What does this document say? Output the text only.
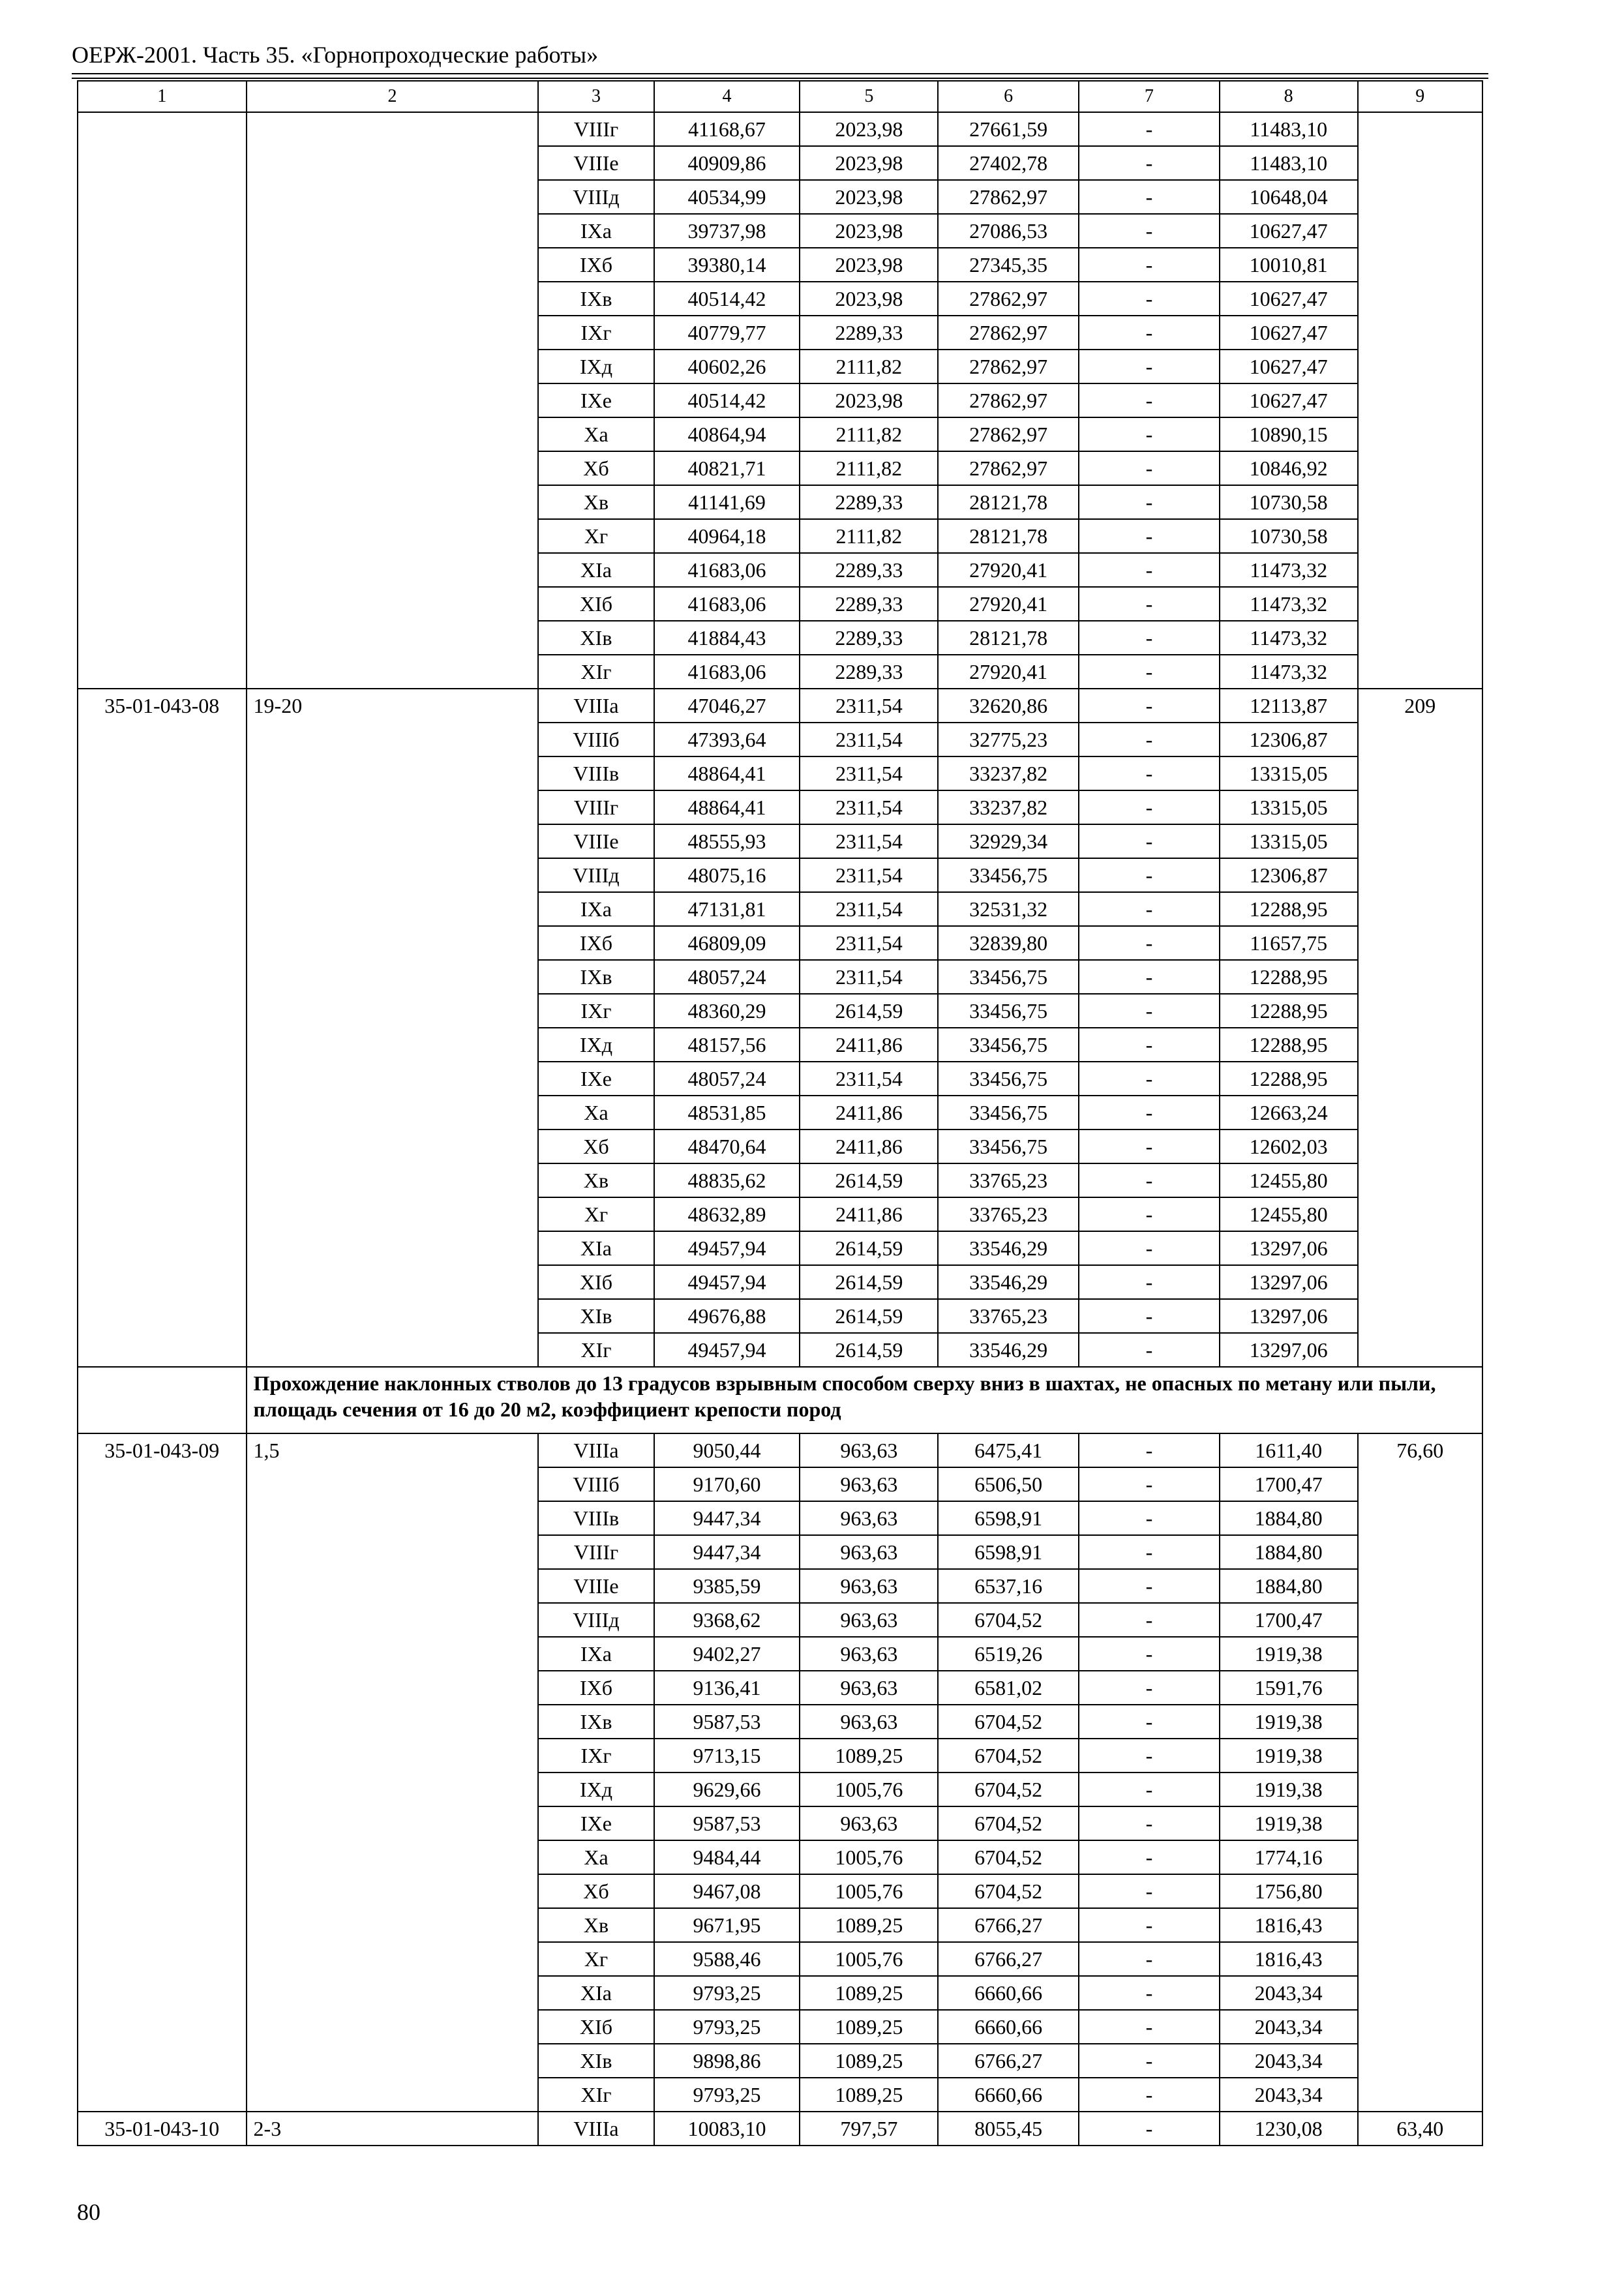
ОЕРЖ-2001. Часть 35. «Горнопроходческие работы»
1	2	3	4	5	6	7	8	9
		VIIIг	41168,67	2023,98	27661,59	-	11483,10	
		VIIIе	40909,86	2023,98	27402,78	-	11483,10	
		VIIIд	40534,99	2023,98	27862,97	-	10648,04	
		IXа	39737,98	2023,98	27086,53	-	10627,47	
		IXб	39380,14	2023,98	27345,35	-	10010,81	
		IXв	40514,42	2023,98	27862,97	-	10627,47	
		IXг	40779,77	2289,33	27862,97	-	10627,47	
		IXд	40602,26	2111,82	27862,97	-	10627,47	
		IXе	40514,42	2023,98	27862,97	-	10627,47	
		Xа	40864,94	2111,82	27862,97	-	10890,15	
		Xб	40821,71	2111,82	27862,97	-	10846,92	
		Xв	41141,69	2289,33	28121,78	-	10730,58	
		Xг	40964,18	2111,82	28121,78	-	10730,58	
		XIа	41683,06	2289,33	27920,41	-	11473,32	
		XIб	41683,06	2289,33	27920,41	-	11473,32	
		XIв	41884,43	2289,33	28121,78	-	11473,32	
		XIг	41683,06	2289,33	27920,41	-	11473,32	
35-01-043-08	19-20	VIIIа	47046,27	2311,54	32620,86	-	12113,87	209
		VIIIб	47393,64	2311,54	32775,23	-	12306,87	
		VIIIв	48864,41	2311,54	33237,82	-	13315,05	
		VIIIг	48864,41	2311,54	33237,82	-	13315,05	
		VIIIе	48555,93	2311,54	32929,34	-	13315,05	
		VIIIд	48075,16	2311,54	33456,75	-	12306,87	
		IXа	47131,81	2311,54	32531,32	-	12288,95	
		IXб	46809,09	2311,54	32839,80	-	11657,75	
		IXв	48057,24	2311,54	33456,75	-	12288,95	
		IXг	48360,29	2614,59	33456,75	-	12288,95	
		IXд	48157,56	2411,86	33456,75	-	12288,95	
		IXе	48057,24	2311,54	33456,75	-	12288,95	
		Xа	48531,85	2411,86	33456,75	-	12663,24	
		Xб	48470,64	2411,86	33456,75	-	12602,03	
		Xв	48835,62	2614,59	33765,23	-	12455,80	
		Xг	48632,89	2411,86	33765,23	-	12455,80	
		XIа	49457,94	2614,59	33546,29	-	13297,06	
		XIб	49457,94	2614,59	33546,29	-	13297,06	
		XIв	49676,88	2614,59	33765,23	-	13297,06	
		XIг	49457,94	2614,59	33546,29	-	13297,06	
	Прохождение наклонных стволов до 13 градусов взрывным способом сверху вниз в шахтах, не опасных по метану или пыли, площадь сечения от 16 до 20 м2, коэффициент крепости пород							
35-01-043-09	1,5	VIIIа	9050,44	963,63	6475,41	-	1611,40	76,60
		VIIIб	9170,60	963,63	6506,50	-	1700,47	
		VIIIв	9447,34	963,63	6598,91	-	1884,80	
		VIIIг	9447,34	963,63	6598,91	-	1884,80	
		VIIIе	9385,59	963,63	6537,16	-	1884,80	
		VIIIд	9368,62	963,63	6704,52	-	1700,47	
		IXа	9402,27	963,63	6519,26	-	1919,38	
		IXб	9136,41	963,63	6581,02	-	1591,76	
		IXв	9587,53	963,63	6704,52	-	1919,38	
		IXг	9713,15	1089,25	6704,52	-	1919,38	
		IXд	9629,66	1005,76	6704,52	-	1919,38	
		IXе	9587,53	963,63	6704,52	-	1919,38	
		Xа	9484,44	1005,76	6704,52	-	1774,16	
		Xб	9467,08	1005,76	6704,52	-	1756,80	
		Xв	9671,95	1089,25	6766,27	-	1816,43	
		Xг	9588,46	1005,76	6766,27	-	1816,43	
		XIа	9793,25	1089,25	6660,66	-	2043,34	
		XIб	9793,25	1089,25	6660,66	-	2043,34	
		XIв	9898,86	1089,25	6766,27	-	2043,34	
		XIг	9793,25	1089,25	6660,66	-	2043,34	
35-01-043-10	2-3	VIIIа	10083,10	797,57	8055,45	-	1230,08	63,40
80
